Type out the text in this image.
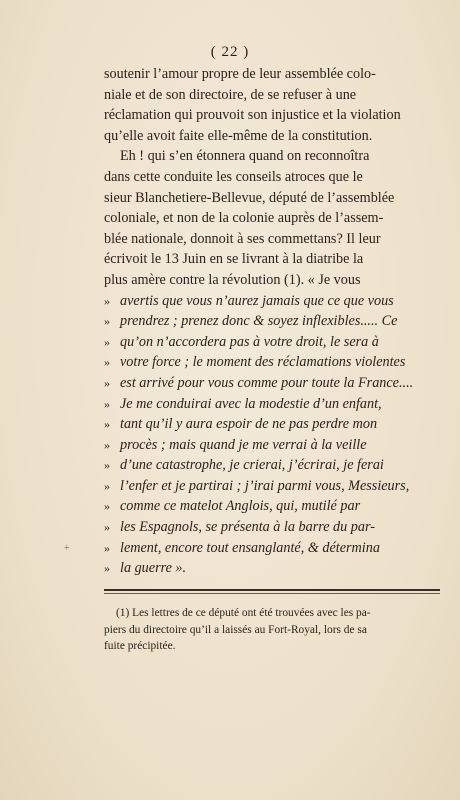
( 22 )
soutenir l’amour propre de leur assemblée colo-
niale et de son directoire, de se refuser à une
réclamation qui prouvoit son injustice et la violation
qu’elle avoit faite elle-même de la constitution.
Eh ! qui s’en étonnera quand on reconnoîtra
dans cette conduite les conseils atroces que le
sieur Blanchetiere-Bellevue, député de l’assemblée
coloniale, et non de la colonie auprès de l’assem-
blée nationale, donnoit à ses commettans? Il leur
écrivoit le 13 Juin en se livrant à la diatribe la
plus amère contre la révolution (1). « Je vous
» avertis que vous n’aurez jamais que ce que vous
» prendrez ; prenez donc & soyez inflexibles..... Ce
» qu’on n’accordera pas à votre droit, le sera à
» votre force ; le moment des réclamations violentes
» est arrivé pour vous comme pour toute la France....
» Je me conduirai avec la modestie d’un enfant,
» tant qu’il y aura espoir de ne pas perdre mon
» procès ; mais quand je me verrai à la veille
» d’une catastrophe, je crierai, j’écrirai, je ferai
» l’enfer et je partirai ; j’irai parmi vous, Messieurs,
» comme ce matelot Anglois, qui, mutilé par
» les Espagnols, se présenta à la barre du par-
» lement, encore tout ensanglanté, & détermina
» la guerre ».
+
(1) Les lettres de ce député ont été trouvées avec les pa-
piers du directoire qu’il a laissés au Fort-Royal, lors de sa
fuite précipitée.
